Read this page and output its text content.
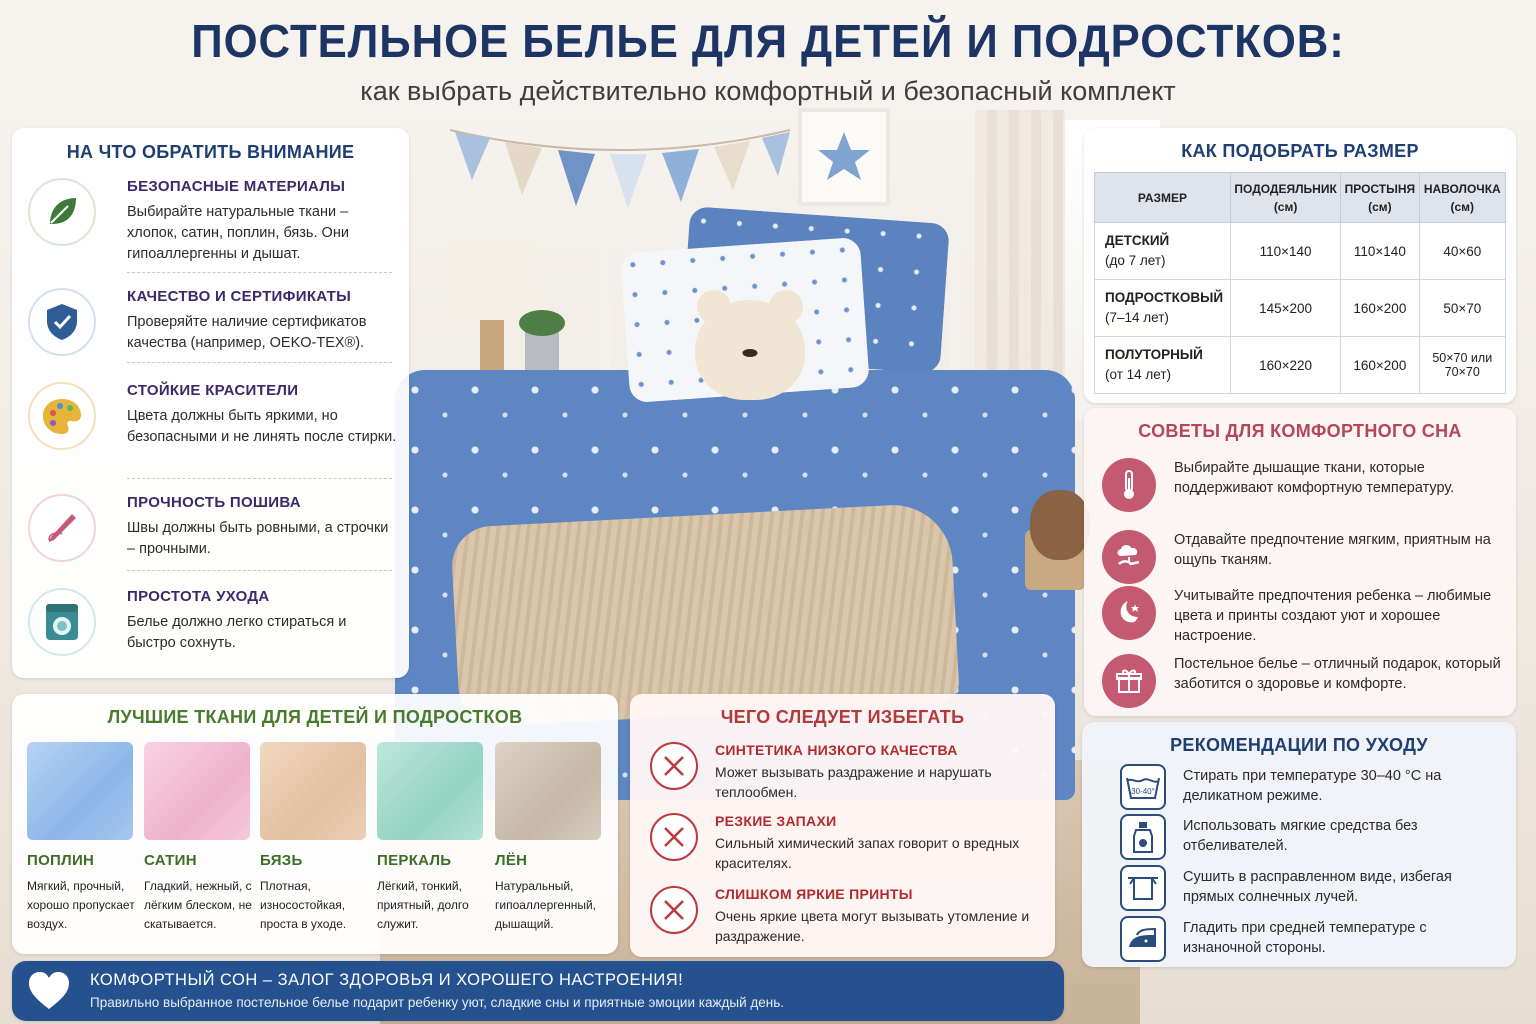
ПОСТЕЛЬНОЕ БЕЛЬЕ ДЛЯ ДЕТЕЙ И ПОДРОСТКОВ:
как выбрать действительно комфортный и безопасный комплект
НА ЧТО ОБРАТИТЬ ВНИМАНИЕ
БЕЗОПАСНЫЕ МАТЕРИАЛЫ
Выбирайте натуральные ткани – хлопок, сатин, поплин, бязь. Они гипоаллергенны и дышат.
КАЧЕСТВО И СЕРТИФИКАТЫ
Проверяйте наличие сертификатов качества (например, OEKO-TEX®).
СТОЙКИЕ КРАСИТЕЛИ
Цвета должны быть яркими, но безопасными и не линять после стирки.
ПРОЧНОСТЬ ПОШИВА
Швы должны быть ровными, а строчки – прочными.
ПРОСТОТА УХОДА
Белье должно легко стираться и быстро сохнуть.
КАК ПОДОБРАТЬ РАЗМЕР
РАЗМЕР	ПОДОДЕЯЛЬНИК (см)	ПРОСТЫНЯ (см)	НАВОЛОЧКА (см)
ДЕТСКИЙ
(до 7 лет)	110×140	110×140	40×60
ПОДРОСТКОВЫЙ
(7–14 лет)	145×200	160×200	50×70
ПОЛУТОРНЫЙ
(от 14 лет)	160×220	160×200	50×70 или 70×70
СОВЕТЫ ДЛЯ КОМФОРТНОГО СНА
Выбирайте дышащие ткани, которые поддерживают комфортную температуру.
Отдавайте предпочтение мягким, приятным на ощупь тканям.
Учитывайте предпочтения ребенка – любимые цвета и принты создают уют и хорошее настроение.
Постельное белье – отличный подарок, который заботится о здоровье и комфорте.
РЕКОМЕНДАЦИИ ПО УХОДУ
30-40°
Стирать при температуре 30–40 °C на деликатном режиме.
Использовать мягкие средства без отбеливателей.
Сушить в расправленном виде, избегая прямых солнечных лучей.
Гладить при средней температуре с изнаночной стороны.
ЛУЧШИЕ ТКАНИ ДЛЯ ДЕТЕЙ И ПОДРОСТКОВ
ПОПЛИН
Мягкий, прочный, хорошо пропускает воздух.
САТИН
Гладкий, нежный, с лёгким блеском, не скатывается.
БЯЗЬ
Плотная, износостойкая, проста в уходе.
ПЕРКАЛЬ
Лёгкий, тонкий, приятный, долго служит.
ЛЁН
Натуральный, гипоаллергенный, дышащий.
ЧЕГО СЛЕДУЕТ ИЗБЕГАТЬ
СИНТЕТИКА НИЗКОГО КАЧЕСТВА
Может вызывать раздражение и нарушать теплообмен.
РЕЗКИЕ ЗАПАХИ
Сильный химический запах говорит о вредных красителях.
СЛИШКОМ ЯРКИЕ ПРИНТЫ
Очень яркие цвета могут вызывать утомление и раздражение.
КОМФОРТНЫЙ СОН – ЗАЛОГ ЗДОРОВЬЯ И ХОРОШЕГО НАСТРОЕНИЯ!
Правильно выбранное постельное белье подарит ребенку уют, сладкие сны и приятные эмоции каждый день.
